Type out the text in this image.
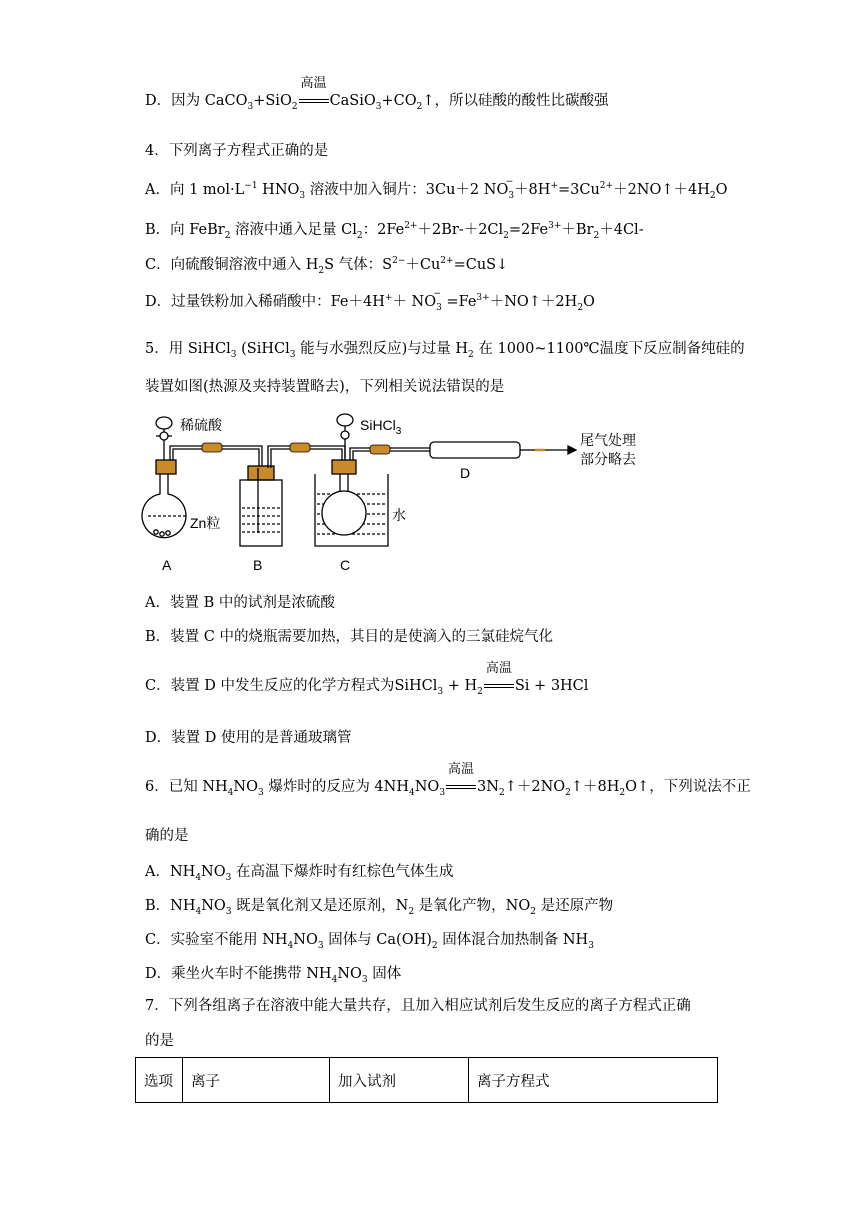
D．因为 CaCO$_3$+SiO$_2$
高温
$CaSiO_3+CO_2↑$，所以硅酸的酸性比碳酸强
4．下列离子方程式正确的是
A．向 1 $mol\cdot L^{-1}$ $HNO_3$ 溶液中加入铜片：3Cu＋2 $NO_3$
− $+8H^+=3Cu^{2+}+2NO↑+4H_2O$
B．向 FeBr$_2$ 溶液中通入足量 $Cl_2$：$2Fe^{2+}+2Br-+2Cl_2=2Fe^{3+}+Br_2+4Cl-$
C．向硫酸铜溶液中通入 $H_2S$ 气体：$S^{2-}+Cu^{2+}=CuS↓$
D．过量铁粉加入稀硝酸中：$Fe+4H^++ NO_3$
− $=Fe^{3+}+NO↑+2H_2O$
5．用 SiHCl$_3$ (SiHCl$_3$ 能与水强烈反应)与过量 $H_2$ 在 1000~1100℃温度下反应制备纯硅的
装置如图(热源及夹持装置略去)，下列相关说法错误的是
稀硫酸
Zn粒
SiHCl$_3$
水
D
尾气处理
部分略去
A	B	C
A．装置 B 中的试剂是浓硫酸
B．装置 C 中的烧瓶需要加热，其目的是使滴入的三氯硅烷气化
C．装置 D 中发生反应的化学方程式为SiHCl$_3$ + $H_2$
高温
Si + 3HCl
D．装置 D 使用的是普通玻璃管
6．已知 $NH_4NO_3$ 爆炸时的反应为 $4NH_4NO_3$
高温
$3N_2↑+2NO_2↑+8H_2O↑$，下列说法不正
确的是
A．$NH_4NO_3$ 在高温下爆炸时有红棕色气体生成
B．$NH_4NO_3$ 既是氧化剂又是还原剂，$N_2$ 是氧化产物，$NO_2$ 是还原产物
C．实验室不能用 $NH_4NO_3$ 固体与 $Ca(OH)_2$ 固体混合加热制备 $NH_3$
D．乘坐火车时不能携带 $NH_4NO_3$ 固体
7．下列各组离子在溶液中能大量共存，且加入相应试剂后发生反应的离子方程式正确
的是
选项	离子	加入试剂	离子方程式
